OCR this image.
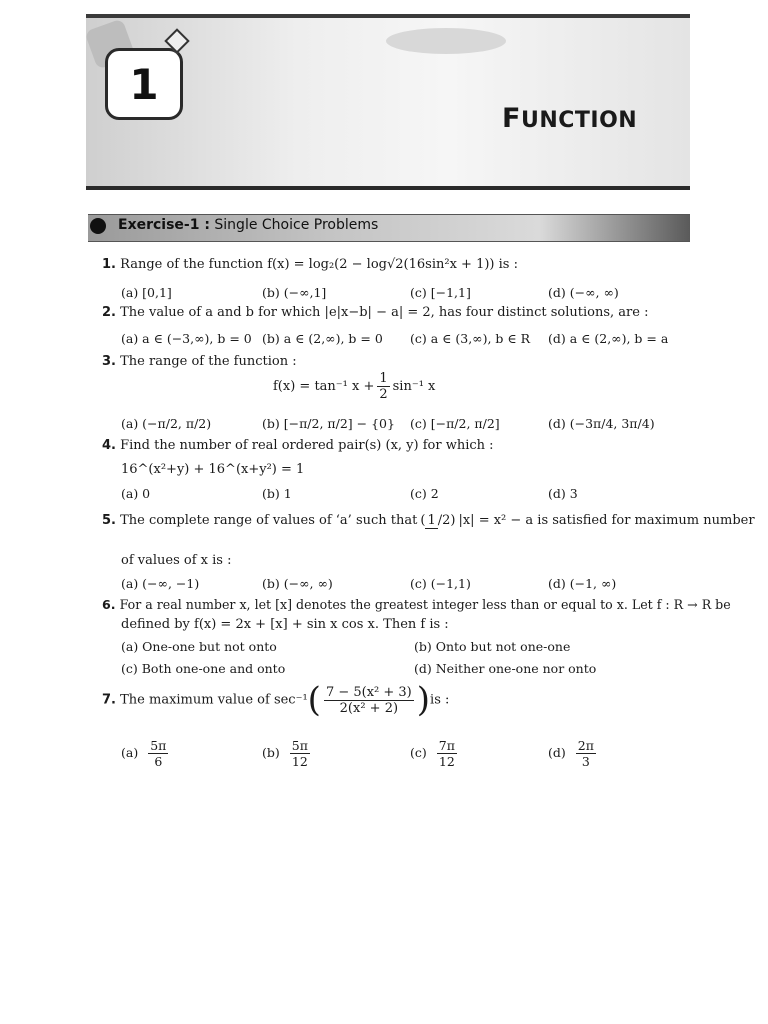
1
FUNCTION
Exercise-1 : Single Choice Problems
1. Range of the function f(x) = log₂(2 − log√2(16sin²x + 1)) is :
(a) [0,1]	(b) (−∞,1]	(c) [−1,1]	(d) (−∞, ∞)
2. The value of a and b for which |e|x−b| − a| = 2, has four distinct solutions, are :
(a) a ∈ (−3,∞), b = 0 (b) a ∈ (2,∞), b = 0 (c) a ∈ (3,∞), b ∈ R (d) a ∈ (2,∞), b = a
3. The range of the function :
f(x) = tan⁻¹ $x + \frac{1}{2} \sin^{-1}$ x
(a) (−π/2, π/2)	(b) [−π/2, π/2] − {0} (c) [−π/2, π/2]	(d) (−3π/4, 3π/4)
4. Find the number of real ordered pair(s) (x, y) for which :
16^(x²+y) + 16^(x+y²) = 1
(a) 0	(b) 1	(c) 2	(d) 3
5. The complete range of values of ‘a’ such that ( 1 /2) |x| = x² − a is satisfied for maximum number
of values of x is :
(a) (−∞, −1)	(b) (−∞, ∞)	(c) (−1,1)	(d) (−1, ∞)
6. For a real number x, let [x] denotes the greatest integer less than or equal to x. Let f : R → R be
defined by f(x) = 2x + [x] + sin x cos x. Then f is :
(a) One-one but not onto	(b) Onto but not one-one
(c) Both one-one and onto	(d) Neither one-one nor onto
7. The maximum value of $\sec^{-1}( \frac{\text{7 − 5(x² + 3)}}{\text{2(x² + 2)}} )is$ :
$(a) \frac{5\pi}{6}$	$(b) \frac{5\pi}{12}$	$(c) \frac{7\pi}{12}$	$(d) \frac{2\pi}{3}$
